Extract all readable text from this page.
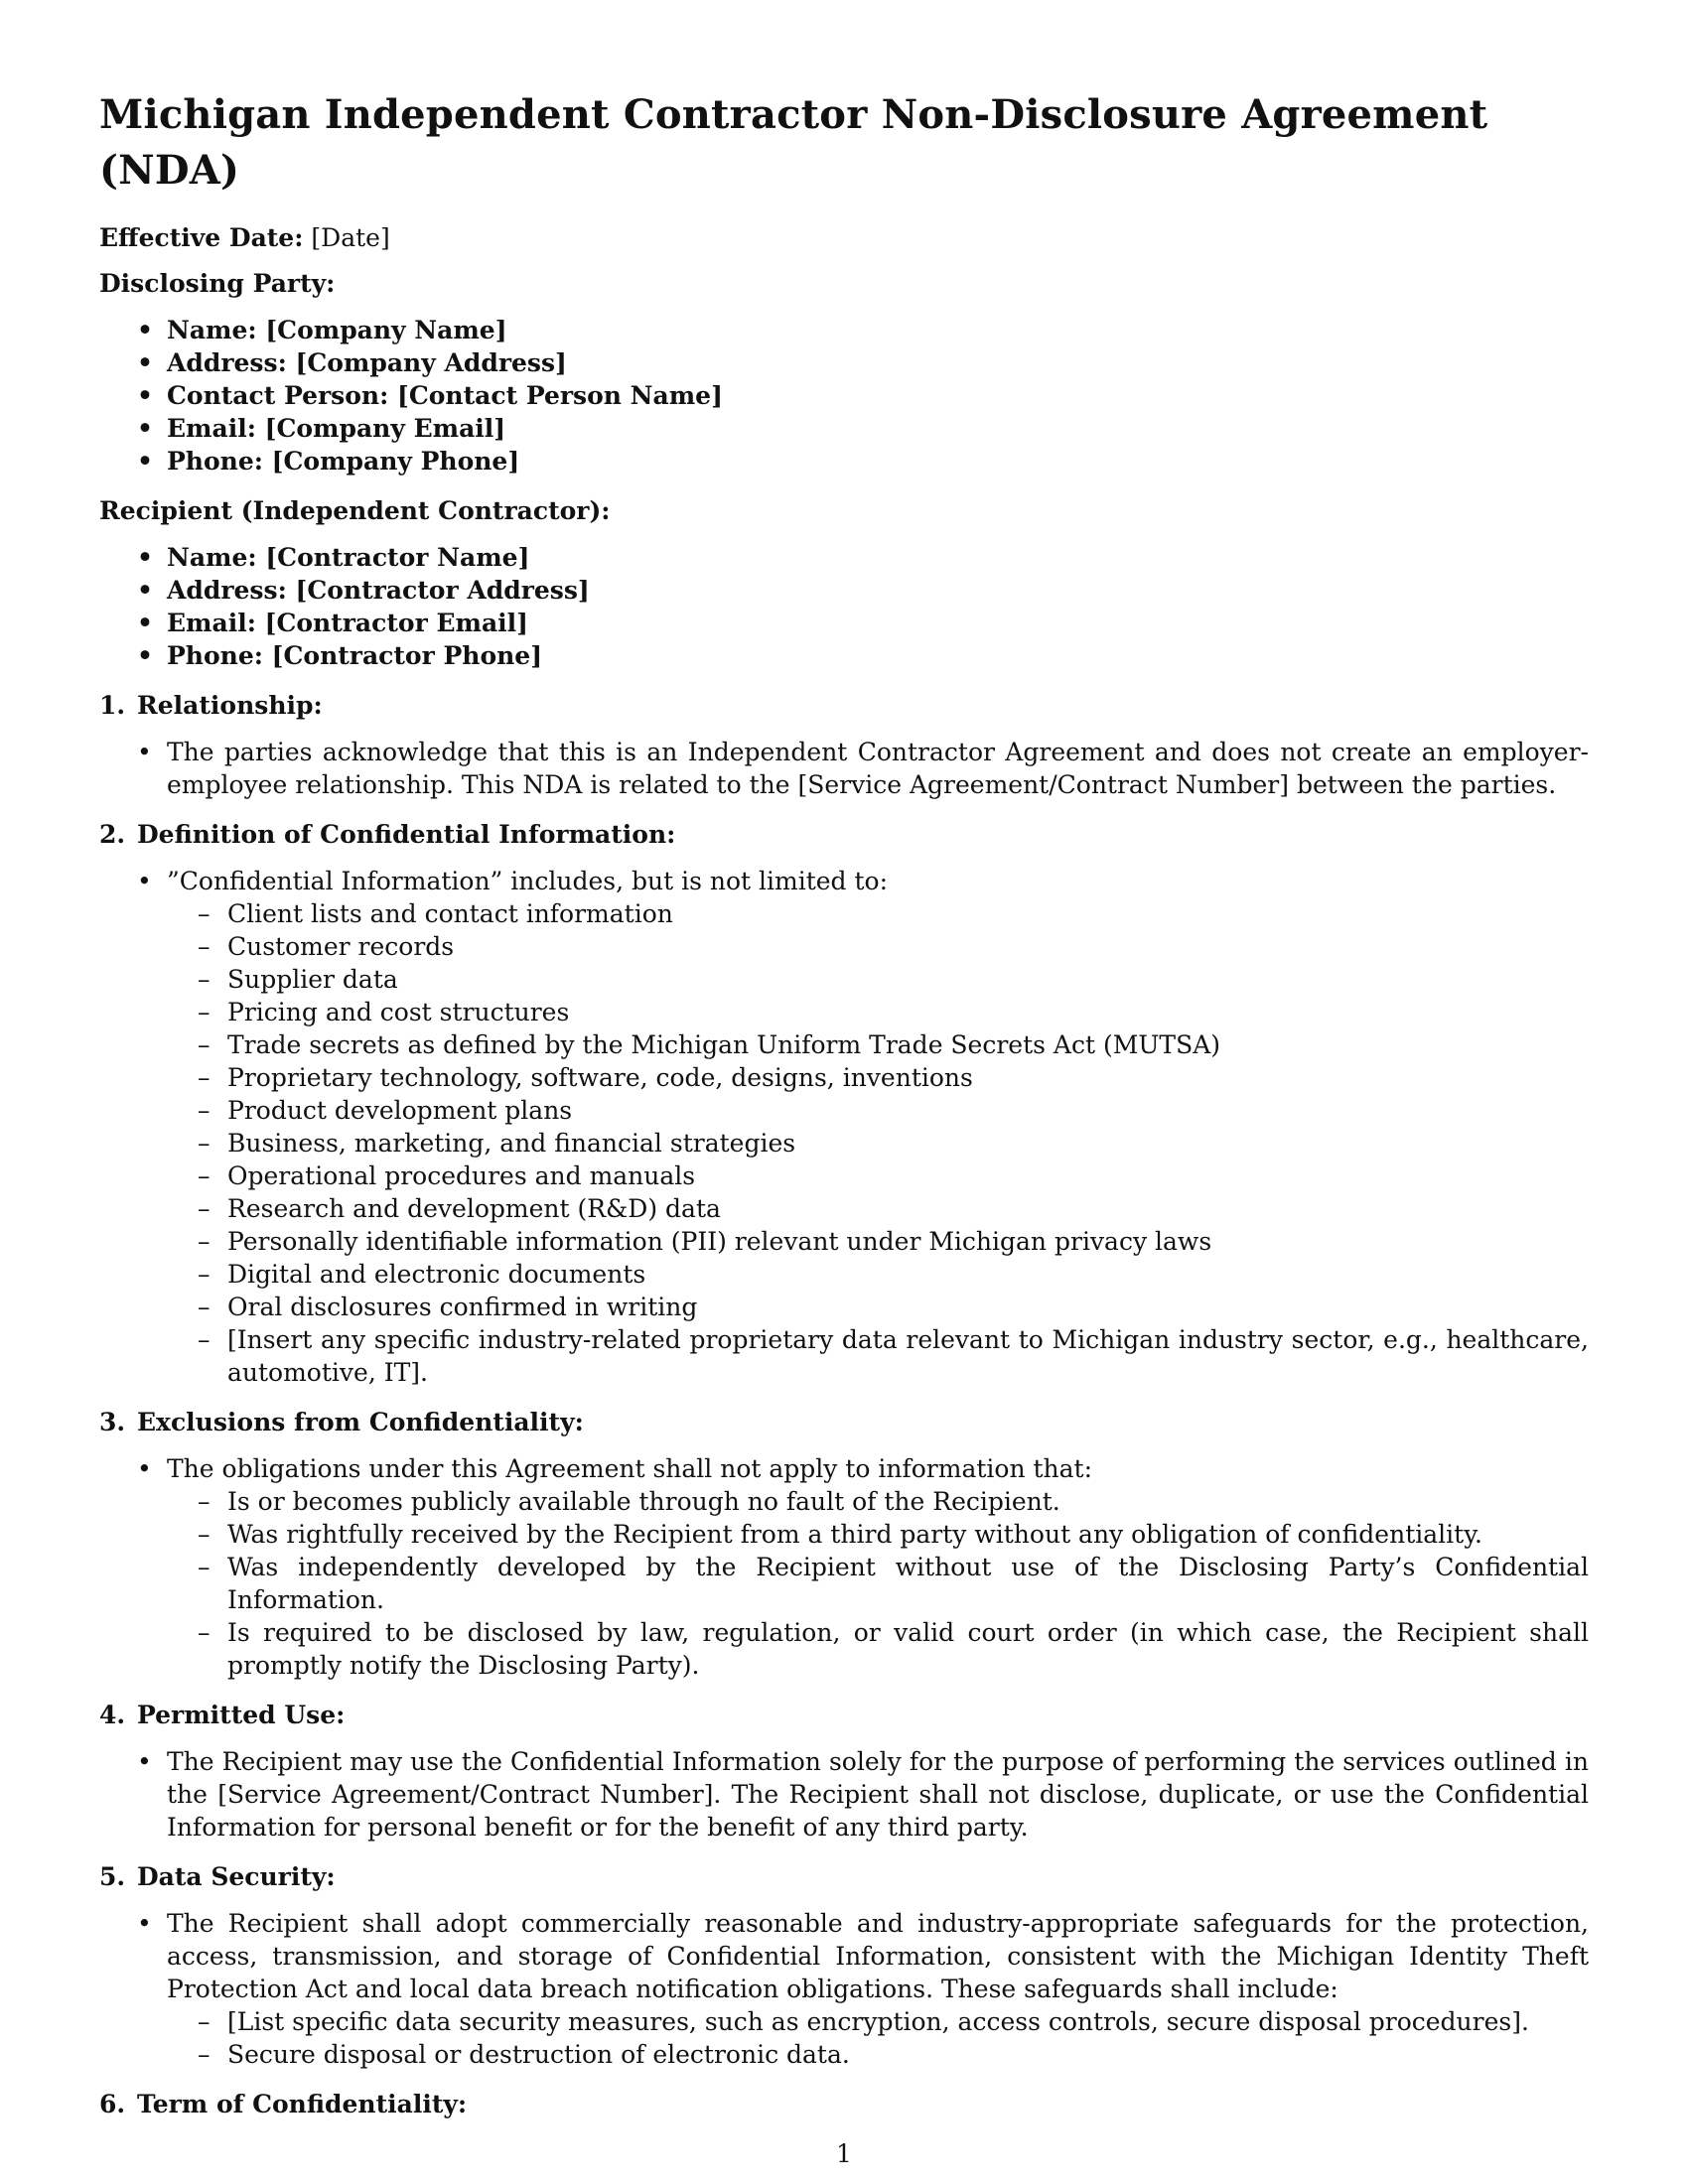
Michigan Independent Contractor Non-Disclosure Agreement (NDA)
Effective Date: [Date]
Disclosing Party:
• Name: [Company Name]
• Address: [Company Address]
• Contact Person: [Contact Person Name]
• Email: [Company Email]
• Phone: [Company Phone]
Recipient (Independent Contractor):
• Name: [Contractor Name]
• Address: [Contractor Address]
• Email: [Contractor Email]
• Phone: [Contractor Phone]
1. Relationship:
• The parties acknowledge that this is an Independent Contractor Agreement and does not create an employer-employee relationship. This NDA is related to the [Service Agreement/Contract Number] between the parties.
2. Definition of Confidential Information:
• ”Confidential Information” includes, but is not limited to:
– Client lists and contact information
– Customer records
– Supplier data
– Pricing and cost structures
– Trade secrets as defined by the Michigan Uniform Trade Secrets Act (MUTSA)
– Proprietary technology, software, code, designs, inventions
– Product development plans
– Business, marketing, and financial strategies
– Operational procedures and manuals
– Research and development (R&D) data
– Personally identifiable information (PII) relevant under Michigan privacy laws
– Digital and electronic documents
– Oral disclosures confirmed in writing
– [Insert any specific industry-related proprietary data relevant to Michigan industry sector, e.g., healthcare, automotive, IT].
3. Exclusions from Confidentiality:
• The obligations under this Agreement shall not apply to information that:
– Is or becomes publicly available through no fault of the Recipient.
– Was rightfully received by the Recipient from a third party without any obligation of confidentiality.
– Was independently developed by the Recipient without use of the Disclosing Party’s Confidential Information.
– Is required to be disclosed by law, regulation, or valid court order (in which case, the Recipient shall promptly notify the Disclosing Party).
4. Permitted Use:
• The Recipient may use the Confidential Information solely for the purpose of performing the services outlined in the [Service Agreement/Contract Number]. The Recipient shall not disclose, duplicate, or use the Confidential Information for personal benefit or for the benefit of any third party.
5. Data Security:
• The Recipient shall adopt commercially reasonable and industry-appropriate safeguards for the protection, access, transmission, and storage of Confidential Information, consistent with the Michigan Identity Theft Protection Act and local data breach notification obligations. These safeguards shall include:
– [List specific data security measures, such as encryption, access controls, secure disposal procedures].
– Secure disposal or destruction of electronic data.
6. Term of Confidentiality:
1
